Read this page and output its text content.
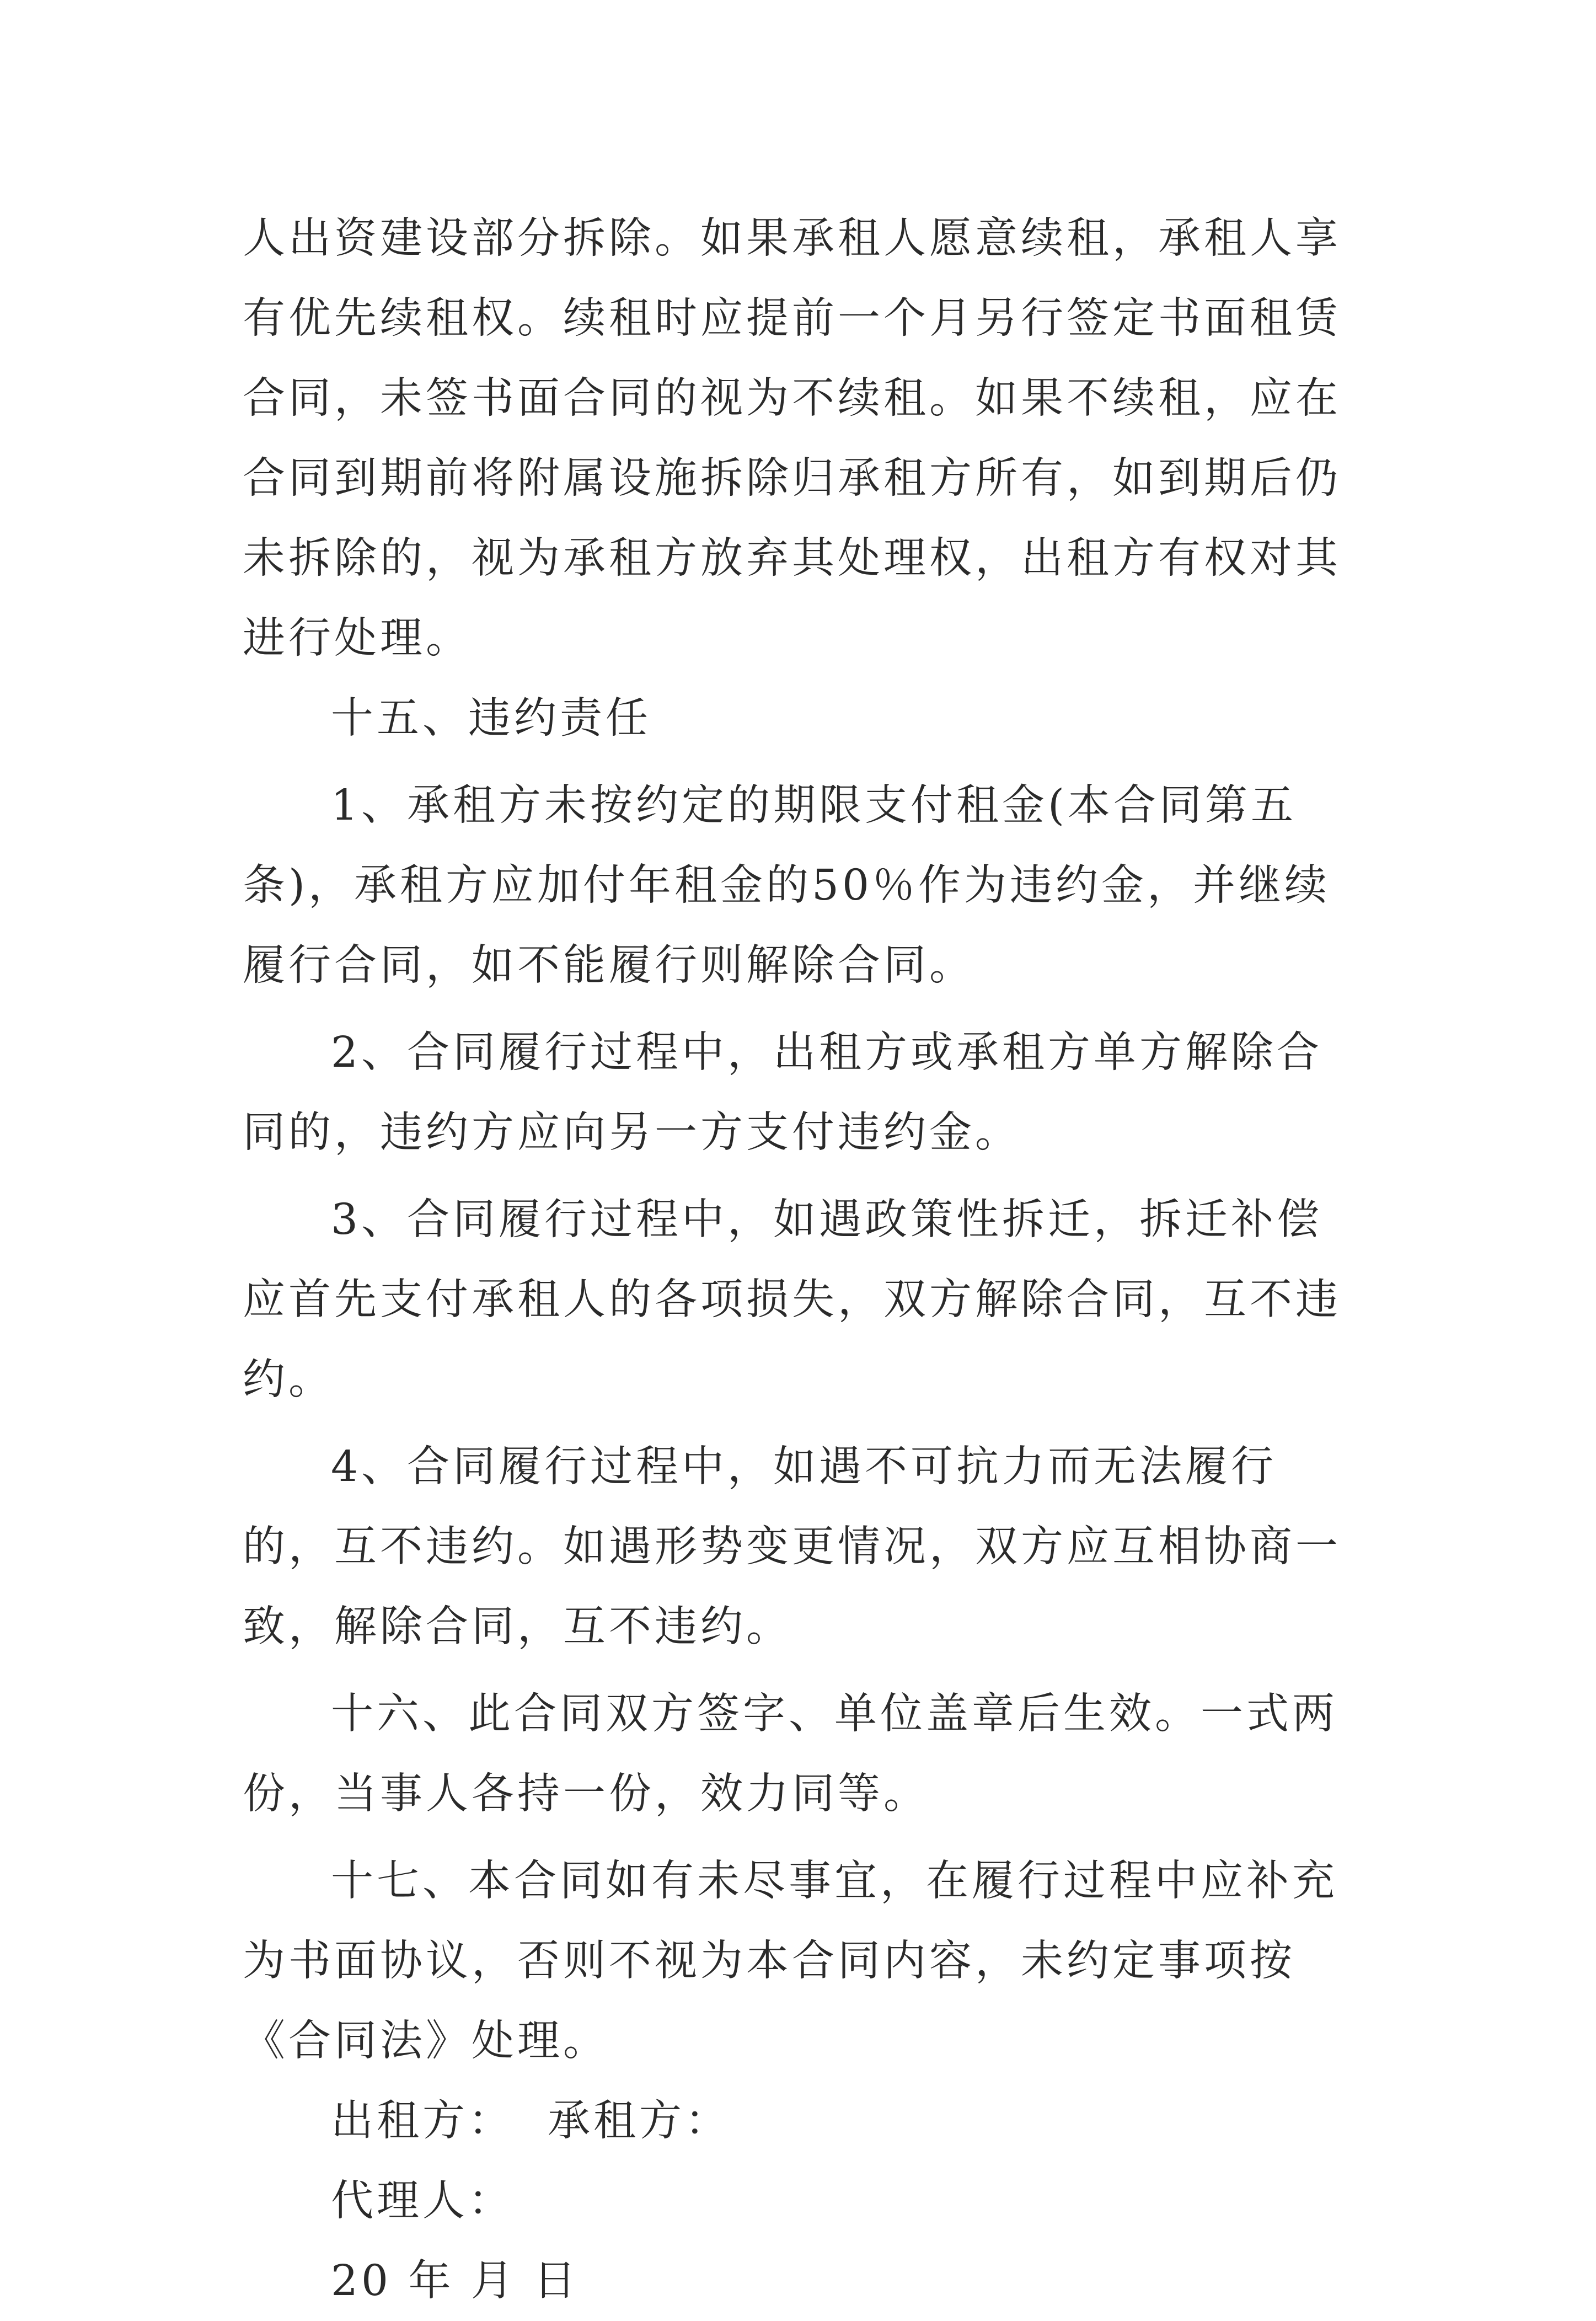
人出资建设部分拆除。如果承租人愿意续租，承租人享有优先续租权。续租时应提前一个月另行签定书面租赁合同，未签书面合同的视为不续租。如果不续租，应在合同到期前将附属设施拆除归承租方所有，如到期后仍未拆除的，视为承租方放弃其处理权，出租方有权对其进行处理。

十五、违约责任

1、承租方未按约定的期限支付租金(本合同第五条)，承租方应加付年租金的50％作为违约金，并继续履行合同，如不能履行则解除合同。

2、合同履行过程中，出租方或承租方单方解除合同的，违约方应向另一方支付违约金。

3、合同履行过程中，如遇政策性拆迁，拆迁补偿应首先支付承租人的各项损失，双方解除合同，互不违约。

4、合同履行过程中，如遇不可抗力而无法履行的，互不违约。如遇形势变更情况，双方应互相协商一致，解除合同，互不违约。

十六、此合同双方签字、单位盖章后生效。一式两份，当事人各持一份，效力同等。

十七、本合同如有未尽事宜，在履行过程中应补充为书面协议，否则不视为本合同内容，未约定事项按《合同法》处理。

出租方： 承租方：
代理人：
20 年 月 日
